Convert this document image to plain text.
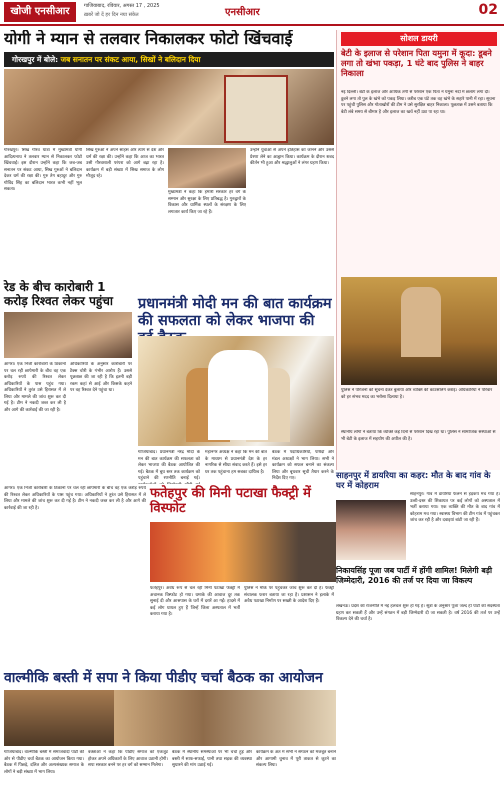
खोजी एनसीआर	गाजियाबाद, रविवार, अगस्त 17 , 2025
ख़बरें जो दें हर दिन नया संकेत	एनसीआर	02
योगी ने म्यान से तलवार निकालकर फोटो खिंचवाई
गोरखपुर में बोले: जब सनातन पर संकट आया, सिखों ने बलिदान दिया
गोरखपुर। सिख गौरव यात्रा में मुख्यमंत्री योगी आदित्यनाथ ने तलवार म्यान से निकालकर फोटो खिंचवाई। इस दौरान उन्होंने कहा कि जब-जब सनातन पर संकट आया, सिख गुरुओं ने बलिदान देकर धर्म की रक्षा की। गुरु तेग बहादुर और गुरु गोविंद सिंह का बलिदान भारत कभी नहीं भूल सकता।
सिख गुरुओं ने अपने साहस और त्याग से देश और धर्म की रक्षा की। उन्होंने कहा कि आज का भारत उसी गौरवशाली परंपरा को आगे बढ़ा रहा है। कार्यक्रम में बड़ी संख्या में सिख समाज के लोग मौजूद रहे।
मुख्यमंत्री ने कहा कि हमारी सरकार हर वर्ग के सम्मान और सुरक्षा के लिए प्रतिबद्ध है। गुरुद्वारों के विकास और धार्मिक स्थलों के संरक्षण के लिए लगातार कार्य किए जा रहे हैं।
उन्होंने युवाओं से अपने इतिहास को जानने और उससे प्रेरणा लेने का आह्वान किया। कार्यक्रम के दौरान शबद कीर्तन भी हुआ और श्रद्धालुओं ने लंगर ग्रहण किया।
सोशल डायरी
बेटी के इलाज से परेशान पिता यमुना में कूदा: डूबने लगा तो खंभा पकड़ा, 1 घंटे बाद पुलिस ने बाहर निकाला
नई दिल्ली। बेटी के इलाज और आर्थिक तंगी से परेशान एक पिता ने यमुना नदी में छलांग लगा दी। डूबने लगा तो पुल के खंभे को पकड़ लिया। करीब एक घंटे तक वह खंभे के सहारे पानी में रहा। सूचना पर पहुंची पुलिस और गोताखोरों की टीम ने उसे सुरक्षित बाहर निकाला। पूछताछ में उसने बताया कि बेटी लंबे समय से बीमार है और इलाज का खर्च नहीं उठा पा रहा था।
पुलिस ने परिजनों को सूचना देकर बुलाया और व्यक्ति की काउंसलिंग कराई। अधिकारियों ने परिवार को हर संभव मदद का भरोसा दिलाया है।
स्थानीय लोगों ने बताया कि व्यक्ति कई दिनों से परेशान दिख रहा था। पुलिस ने सामाजिक संस्थाओं से भी बेटी के इलाज में सहयोग की अपील की है।
रेड के बीच कारोबारी 1 करोड़ रिश्वत लेकर पहुंचा
आगरा। एक निजी कारोबारी के ठिकानों पर चल रही छापेमारी के बीच वह एक करोड़ रुपये की रिश्वत लेकर अधिकारियों के पास पहुंच गया। अधिकारियों ने तुरंत उसे हिरासत में ले लिया और मामले की जांच शुरू कर दी गई है। टीम ने नकदी जब्त कर ली है और आगे की कार्रवाई की जा रही है।
अधिकारियों के अनुसार कारोबारी पर टैक्स चोरी के गंभीर आरोप हैं। उससे पूछताछ की जा रही है कि इतनी बड़ी रकम कहां से आई और किसके कहने पर वह रिश्वत देने पहुंचा था।
प्रधानमंत्री मोदी मन की बात कार्यक्रम की सफलता को लेकर भाजपा की
गाजियाबाद। प्रधानमंत्री नरेंद्र मोदी के मन की बात कार्यक्रम की सफलता को लेकर भाजपा की बैठक आयोजित की गई। बैठक में बूथ स्तर तक कार्यक्रम को पहुंचाने की रणनीति बनाई गई।
महानगर अध्यक्ष ने कहा कि मन की बात के माध्यम से प्रधानमंत्री देश के हर नागरिक से सीधा संवाद करते हैं। इसे हर घर तक पहुंचाना हम सबका दायित्व है।
बैठक में पदाधिकारियों, पार्षदों और मंडल अध्यक्षों ने भाग लिया। सभी ने कार्यक्रम को सफल बनाने का संकल्प लिया और बूथवार सूची तैयार करने के निर्देश दिए गए।	साहनपुर में डायरिया का कहर: मौत के बाद गांव के घर में कोहराम
साहनपुर। गांव में डायरिया फैलने से हड़कंप मच गया है। उल्टी-दस्त की शिकायत पर कई लोगों को अस्पताल में भर्ती कराया गया। एक व्यक्ति की मौत के बाद गांव में कोहराम मच गया। स्वास्थ्य विभाग की टीम गांव में पहुंचकर जांच कर रही है और दवाइयां बांटी जा रही हैं।
आगरा। एक निजी कारोबारी के ठिकानों पर चल रही छापेमारी के बीच वह एक करोड़ रुपये की रिश्वत लेकर अधिकारियों के पास पहुंच गया। अधिकारियों ने तुरंत उसे हिरासत में ले लिया और मामले की जांच शुरू कर दी गई है। टीम ने नकदी जब्त कर ली है और आगे की कार्रवाई की जा रही है।
फतेहपुर की मिनी पटाखा फैक्ट्री में विस्फोट
फतेहपुर। अवैध रूप से चल रही मिनी पटाखा फैक्ट्री में अचानक विस्फोट हो गया। धमाके की आवाज दूर तक सुनाई दी और आसपास के घरों में दरारें आ गईं। हादसे में कई लोग घायल हुए हैं जिन्हें जिला अस्पताल में भर्ती कराया गया है।
पुलिस ने मौके पर पहुंचकर जांच शुरू कर दी है। फैक्ट्री संचालक फरार बताया जा रहा है। प्रशासन ने इलाके में अवैध पटाखा निर्माण पर सख्ती के आदेश दिए हैं।
निकायसिंह पूजा जब पार्टी में होंगी शामिल! मिलेगी बड़ी जिम्मेदारी, 2016 की तर्ज पर दिया जा विकल्प
लखनऊ। प्रदेश की राजनीति में नई हलचल शुरू हो गई है। सूत्रों के अनुसार पूजा जल्द ही पार्टी की सदस्यता ग्रहण कर सकती हैं और उन्हें संगठन में बड़ी जिम्मेदारी दी जा सकती है। वर्ष 2016 की तर्ज पर उन्हें विकल्प देने की चर्चा है।
वाल्मीकि बस्ती में सपा ने किया पीडीए चर्चा बैठक का आयोजन
गाजियाबाद। वाल्मीकि बस्ती में समाजवादी पार्टी की ओर से पीडीए चर्चा बैठक का आयोजन किया गया। बैठक में पिछड़े, दलित और अल्पसंख्यक समाज के लोगों ने बड़ी संख्या में भाग लिया।
वक्ताओं ने कहा कि पीडीए समाज को एकजुट होकर अपने अधिकारों के लिए आवाज उठानी होगी। सपा सरकार बनने पर हर वर्ग को सम्मान मिलेगा।
बैठक में स्थानीय समस्याओं पर भी चर्चा हुई और बस्ती में साफ-सफाई, पानी तथा सड़क की व्यवस्था सुधारने की मांग उठाई गई।
कार्यक्रम के अंत में सभी ने संगठन को मजबूत बनाने और आगामी चुनाव में पूरी ताकत से जुटने का संकल्प लिया।
